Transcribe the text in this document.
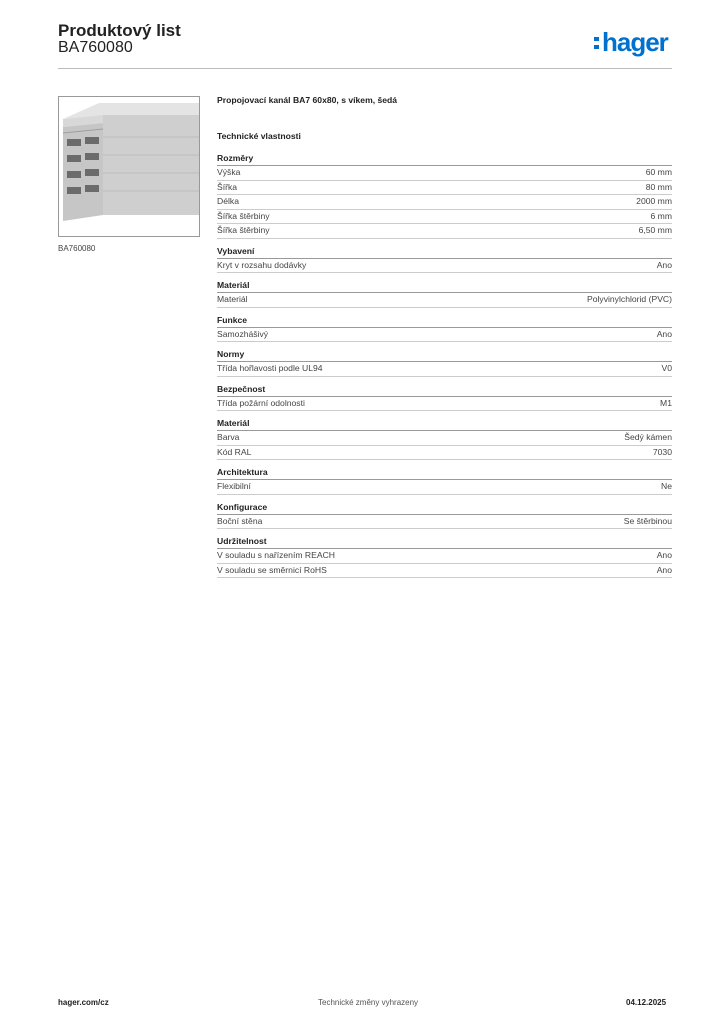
Produktový list
BA760080	hager
BA760080
Propojovací kanál BA7 60x80, s víkem, šedá
Technické vlastnosti
Rozměry
Výška	60 mm
Šířka	80 mm
Délka	2000 mm
Šířka štěrbiny	6 mm
Šířka štěrbiny	6,50 mm
Vybavení
Kryt v rozsahu dodávky	Ano
Materiál
Materiál	Polyvinylchlorid (PVC)
Funkce
Samozhášivý	Ano
Normy
Třída hořlavosti podle UL94	V0
Bezpečnost
Třída požární odolnosti	M1
Materiál
Barva	Šedý kámen
Kód RAL	7030
Architektura
Flexibilní	Ne
Konfigurace
Boční stěna	Se štěrbinou
Udržitelnost
V souladu s nařízením REACH	Ano
V souladu se směrnicí RoHS	Ano
hager.com/cz	Technické změny vyhrazeny	04.12.2025
